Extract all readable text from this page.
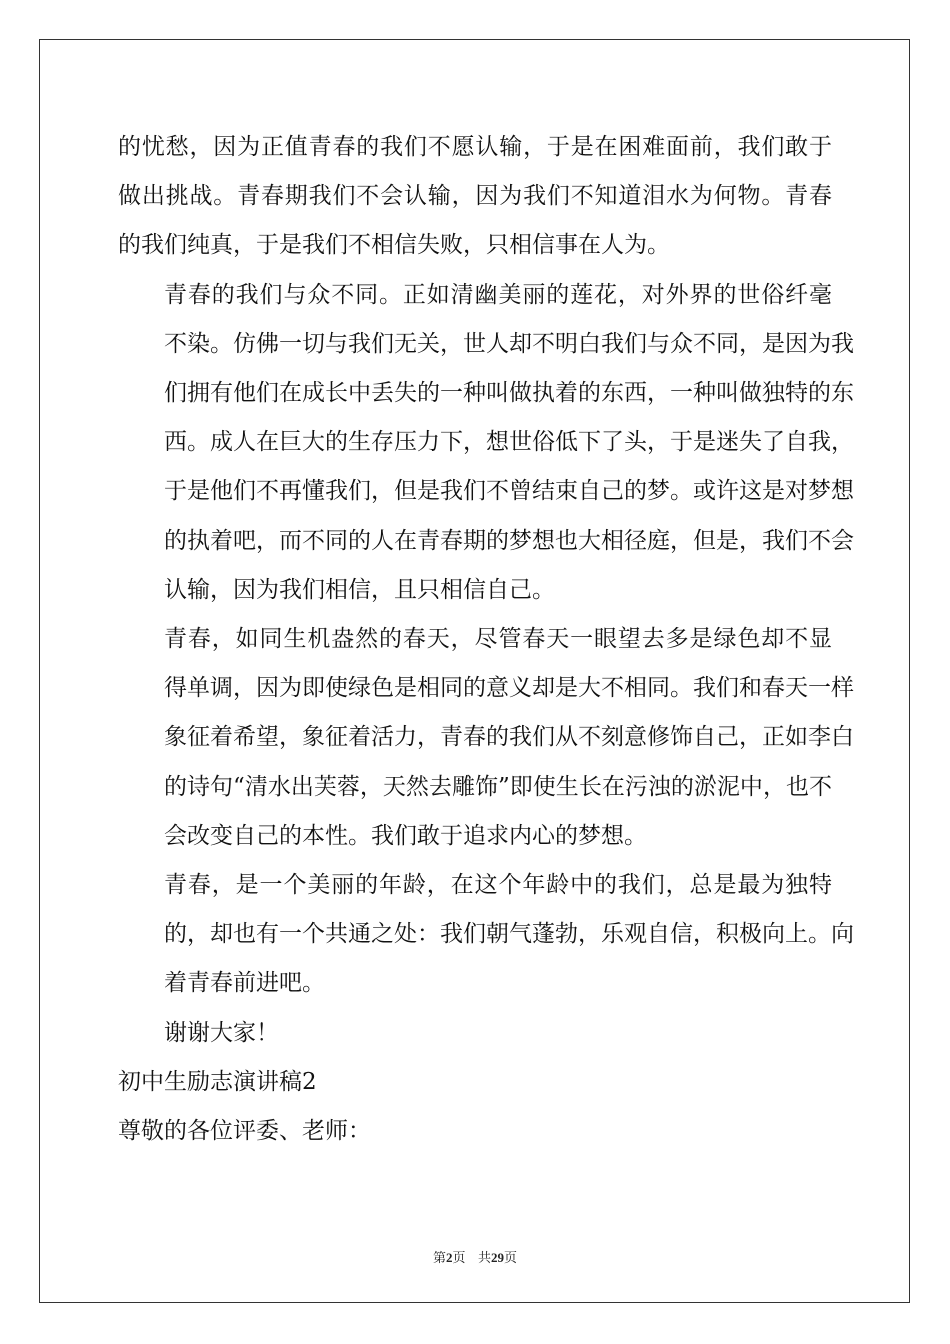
的忧愁，因为正值青春的我们不愿认输，于是在困难面前，我们敢于
做出挑战。青春期我们不会认输，因为我们不知道泪水为何物。青春
的我们纯真，于是我们不相信失败，只相信事在人为。

青春的我们与众不同。正如清幽美丽的莲花，对外界的世俗纤毫
不染。仿佛一切与我们无关，世人却不明白我们与众不同，是因为我
们拥有他们在成长中丢失的一种叫做执着的东西，一种叫做独特的东
西。成人在巨大的生存压力下，想世俗低下了头，于是迷失了自我，
于是他们不再懂我们，但是我们不曾结束自己的梦。或许这是对梦想
的执着吧，而不同的人在青春期的梦想也大相径庭，但是，我们不会
认输，因为我们相信，且只相信自己。

青春，如同生机盎然的春天，尽管春天一眼望去多是绿色却不显
得单调，因为即使绿色是相同的意义却是大不相同。我们和春天一样
象征着希望，象征着活力，青春的我们从不刻意修饰自己，正如李白
的诗句“清水出芙蓉，天然去雕饰”即使生长在污浊的淤泥中，也不
会改变自己的本性。我们敢于追求内心的梦想。

青春，是一个美丽的年龄，在这个年龄中的我们，总是最为独特
的，却也有一个共通之处：我们朝气蓬勃，乐观自信，积极向上。向
着青春前进吧。

谢谢大家！

初中生励志演讲稿2

尊敬的各位评委、老师：

第2页 共29页
